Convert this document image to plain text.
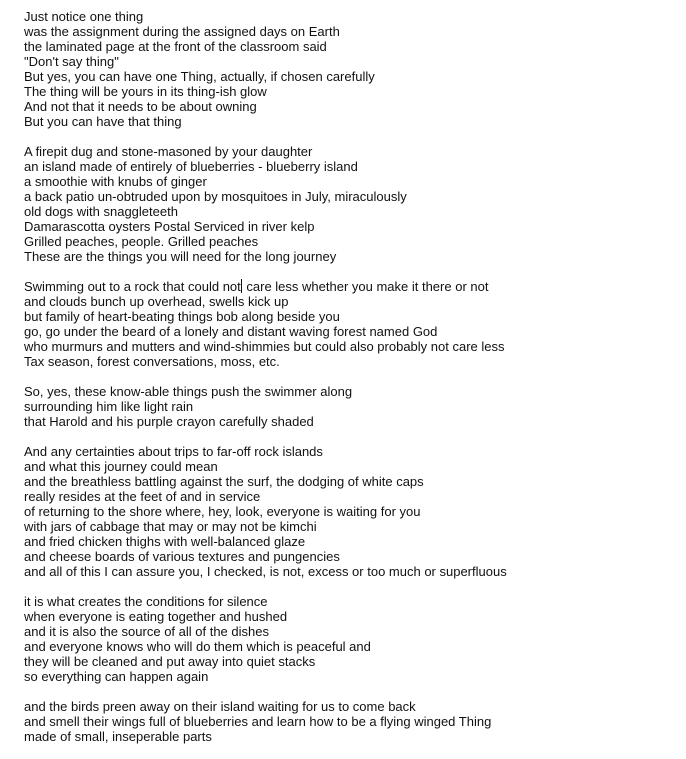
Just notice one thing
was the assignment during the assigned days on Earth
the laminated page at the front of the classroom said
"Don't say thing"
But yes, you can have one Thing, actually, if chosen carefully
The thing will be yours in its thing-ish glow
And not that it needs to be about owning
But you can have that thing
A firepit dug and stone-masoned by your daughter
an island made of entirely of blueberries - blueberry island
a smoothie with knubs of ginger
a back patio un-obtruded upon by mosquitoes in July, miraculously
old dogs with snaggleteeth
Damarascotta oysters Postal Serviced in river kelp
Grilled peaches, people. Grilled peaches
These are the things you will need for the long journey
Swimming out to a rock that could not care less whether you make it there or not
and clouds bunch up overhead, swells kick up
but family of heart-beating things bob along beside you
go, go under the beard of a lonely and distant waving forest named God
who murmurs and mutters and wind-shimmies but could also probably not care less
Tax season, forest conversations, moss, etc.
So, yes, these know-able things push the swimmer along
surrounding him like light rain
that Harold and his purple crayon carefully shaded
And any certainties about trips to far-off rock islands
and what this journey could mean
and the breathless battling against the surf, the dodging of white caps
really resides at the feet of and in service
of returning to the shore where, hey, look, everyone is waiting for you
with jars of cabbage that may or may not be kimchi
and fried chicken thighs with well-balanced glaze
and cheese boards of various textures and pungencies
and all of this I can assure you, I checked, is not, excess or too much or superfluous
it is what creates the conditions for silence
when everyone is eating together and hushed
and it is also the source of all of the dishes
and everyone knows who will do them which is peaceful and
they will be cleaned and put away into quiet stacks
so everything can happen again
and the birds preen away on their island waiting for us to come back
and smell their wings full of blueberries and learn how to be a flying winged Thing
made of small, inseperable parts
